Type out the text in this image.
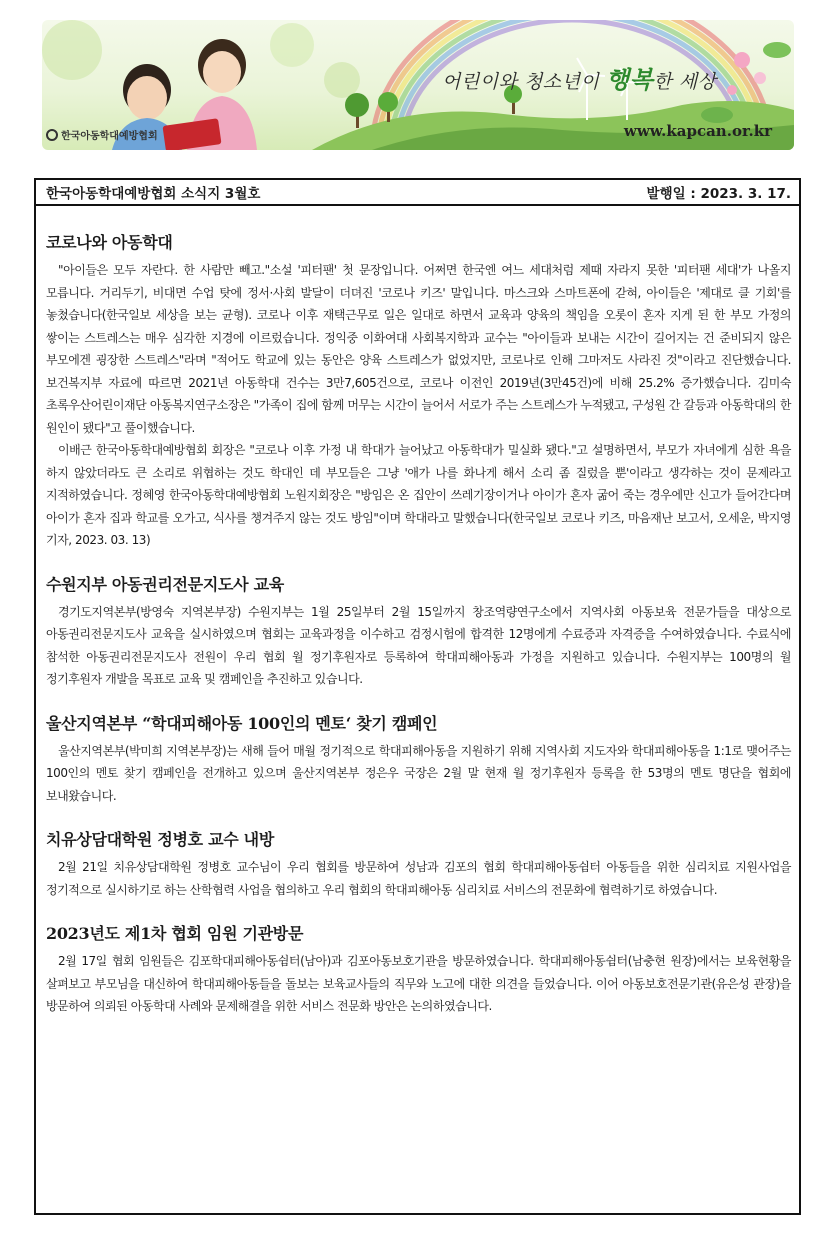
한국아동학대예방협회
어린이와 청소년이 행복한 세상
www.kapcan.or.kr
한국아동학대예방협회 소식지 3월호	발행일 : 2023. 3. 17.
코로나와 아동학대

"아이들은 모두 자란다. 한 사람만 빼고."소설 '피터팬' 첫 문장입니다. 어쩌면 한국엔 여느 세대처럼 제때 자라지 못한 '피터팬 세대'가 나올지 모릅니다. 거리두기, 비대면 수업 탓에 정서·사회 발달이 더뎌진 '코로나 키즈' 말입니다. 마스크와 스마트폰에 갇혀, 아이들은 '제대로 클 기회'를 놓쳤습니다(한국일보 세상을 보는 균형). 코로나 이후 재택근무로 일은 일대로 하면서 교육과 양육의 책임을 오롯이 혼자 지게 된 한 부모 가정의 쌓이는 스트레스는 매우 심각한 지경에 이르렀습니다. 정익중 이화여대 사회복지학과 교수는 "아이들과 보내는 시간이 길어지는 건 준비되지 않은 부모에겐 굉장한 스트레스"라며 "적어도 학교에 있는 동안은 양육 스트레스가 없었지만, 코로나로 인해 그마저도 사라진 것"이라고 진단했습니다. 보건복지부 자료에 따르면 2021년 아동학대 건수는 3만7,605건으로, 코로나 이전인 2019년(3만45건)에 비해 25.2% 증가했습니다. 김미숙 초록우산어린이재단 아동복지연구소장은 "가족이 집에 함께 머무는 시간이 늘어서 서로가 주는 스트레스가 누적됐고, 구성원 간 갈등과 아동학대의 한 원인이 됐다"고 풀이했습니다.

이배근 한국아동학대예방협회 회장은 "코로나 이후 가정 내 학대가 늘어났고 아동학대가 밀실화 됐다."고 설명하면서, 부모가 자녀에게 심한 욕을 하지 않았더라도 큰 소리로 위협하는 것도 학대인 데 부모들은 그냥 '애가 나를 화나게 해서 소리 좀 질렀을 뿐'이라고 생각하는 것이 문제라고 지적하였습니다. 정혜영 한국아동학대예방협회 노원지회장은 "방임은 온 집안이 쓰레기장이거나 아이가 혼자 굶어 죽는 경우에만 신고가 들어간다며 아이가 혼자 집과 학교를 오가고, 식사를 챙겨주지 않는 것도 방임"이며 학대라고 말했습니다(한국일보 코로나 키즈, 마음재난 보고서, 오세운, 박지영 기자, 2023. 03. 13)

수원지부 아동권리전문지도사 교육

경기도지역본부(방영숙 지역본부장) 수원지부는 1월 25일부터 2월 15일까지 창조역량연구소에서 지역사회 아동보육 전문가들을 대상으로 아동권리전문지도사 교육을 실시하였으며 협회는 교육과정을 이수하고 검정시험에 합격한 12명에게 수료증과 자격증을 수여하였습니다. 수료식에 참석한 아동권리전문지도사 전원이 우리 협회 월 정기후원자로 등록하여 학대피해아동과 가정을 지원하고 있습니다. 수원지부는 100명의 월 정기후원자 개발을 목표로 교육 및 캠페인을 추진하고 있습니다.

울산지역본부 “학대피해아동 100인의 멘토‘ 찾기 캠페인

울산지역본부(박미희 지역본부장)는 새해 들어 매월 정기적으로 학대피해아동을 지원하기 위해 지역사회 지도자와 학대피해아동을 1:1로 맺어주는 100인의 멘토 찾기 캠페인을 전개하고 있으며 울산지역본부 정은우 국장은 2월 말 현재 월 정기후원자 등록을 한 53명의 멘토 명단을 협회에 보내왔습니다.

치유상담대학원 정병호 교수 내방

2월 21일 치유상담대학원 정병호 교수님이 우리 협회를 방문하여 성남과 김포의 협회 학대피해아동쉼터 아동들을 위한 심리치료 지원사업을 정기적으로 실시하기로 하는 산학협력 사업을 협의하고 우리 협회의 학대피해아동 심리치료 서비스의 전문화에 협력하기로 하였습니다.

2023년도 제1차 협회 임원 기관방문

2월 17일 협회 임원들은 김포학대피해아동쉼터(남아)과 김포아동보호기관을 방문하였습니다. 학대피해아동쉼터(남충현 원장)에서는 보육현황을 살펴보고 부모님을 대신하여 학대피해아동들을 돌보는 보육교사들의 직무와 노고에 대한 의견을 들었습니다. 이어 아동보호전문기관(유은성 관장)을 방문하여 의뢰된 아동학대 사례와 문제해결을 위한 서비스 전문화 방안은 논의하였습니다.
